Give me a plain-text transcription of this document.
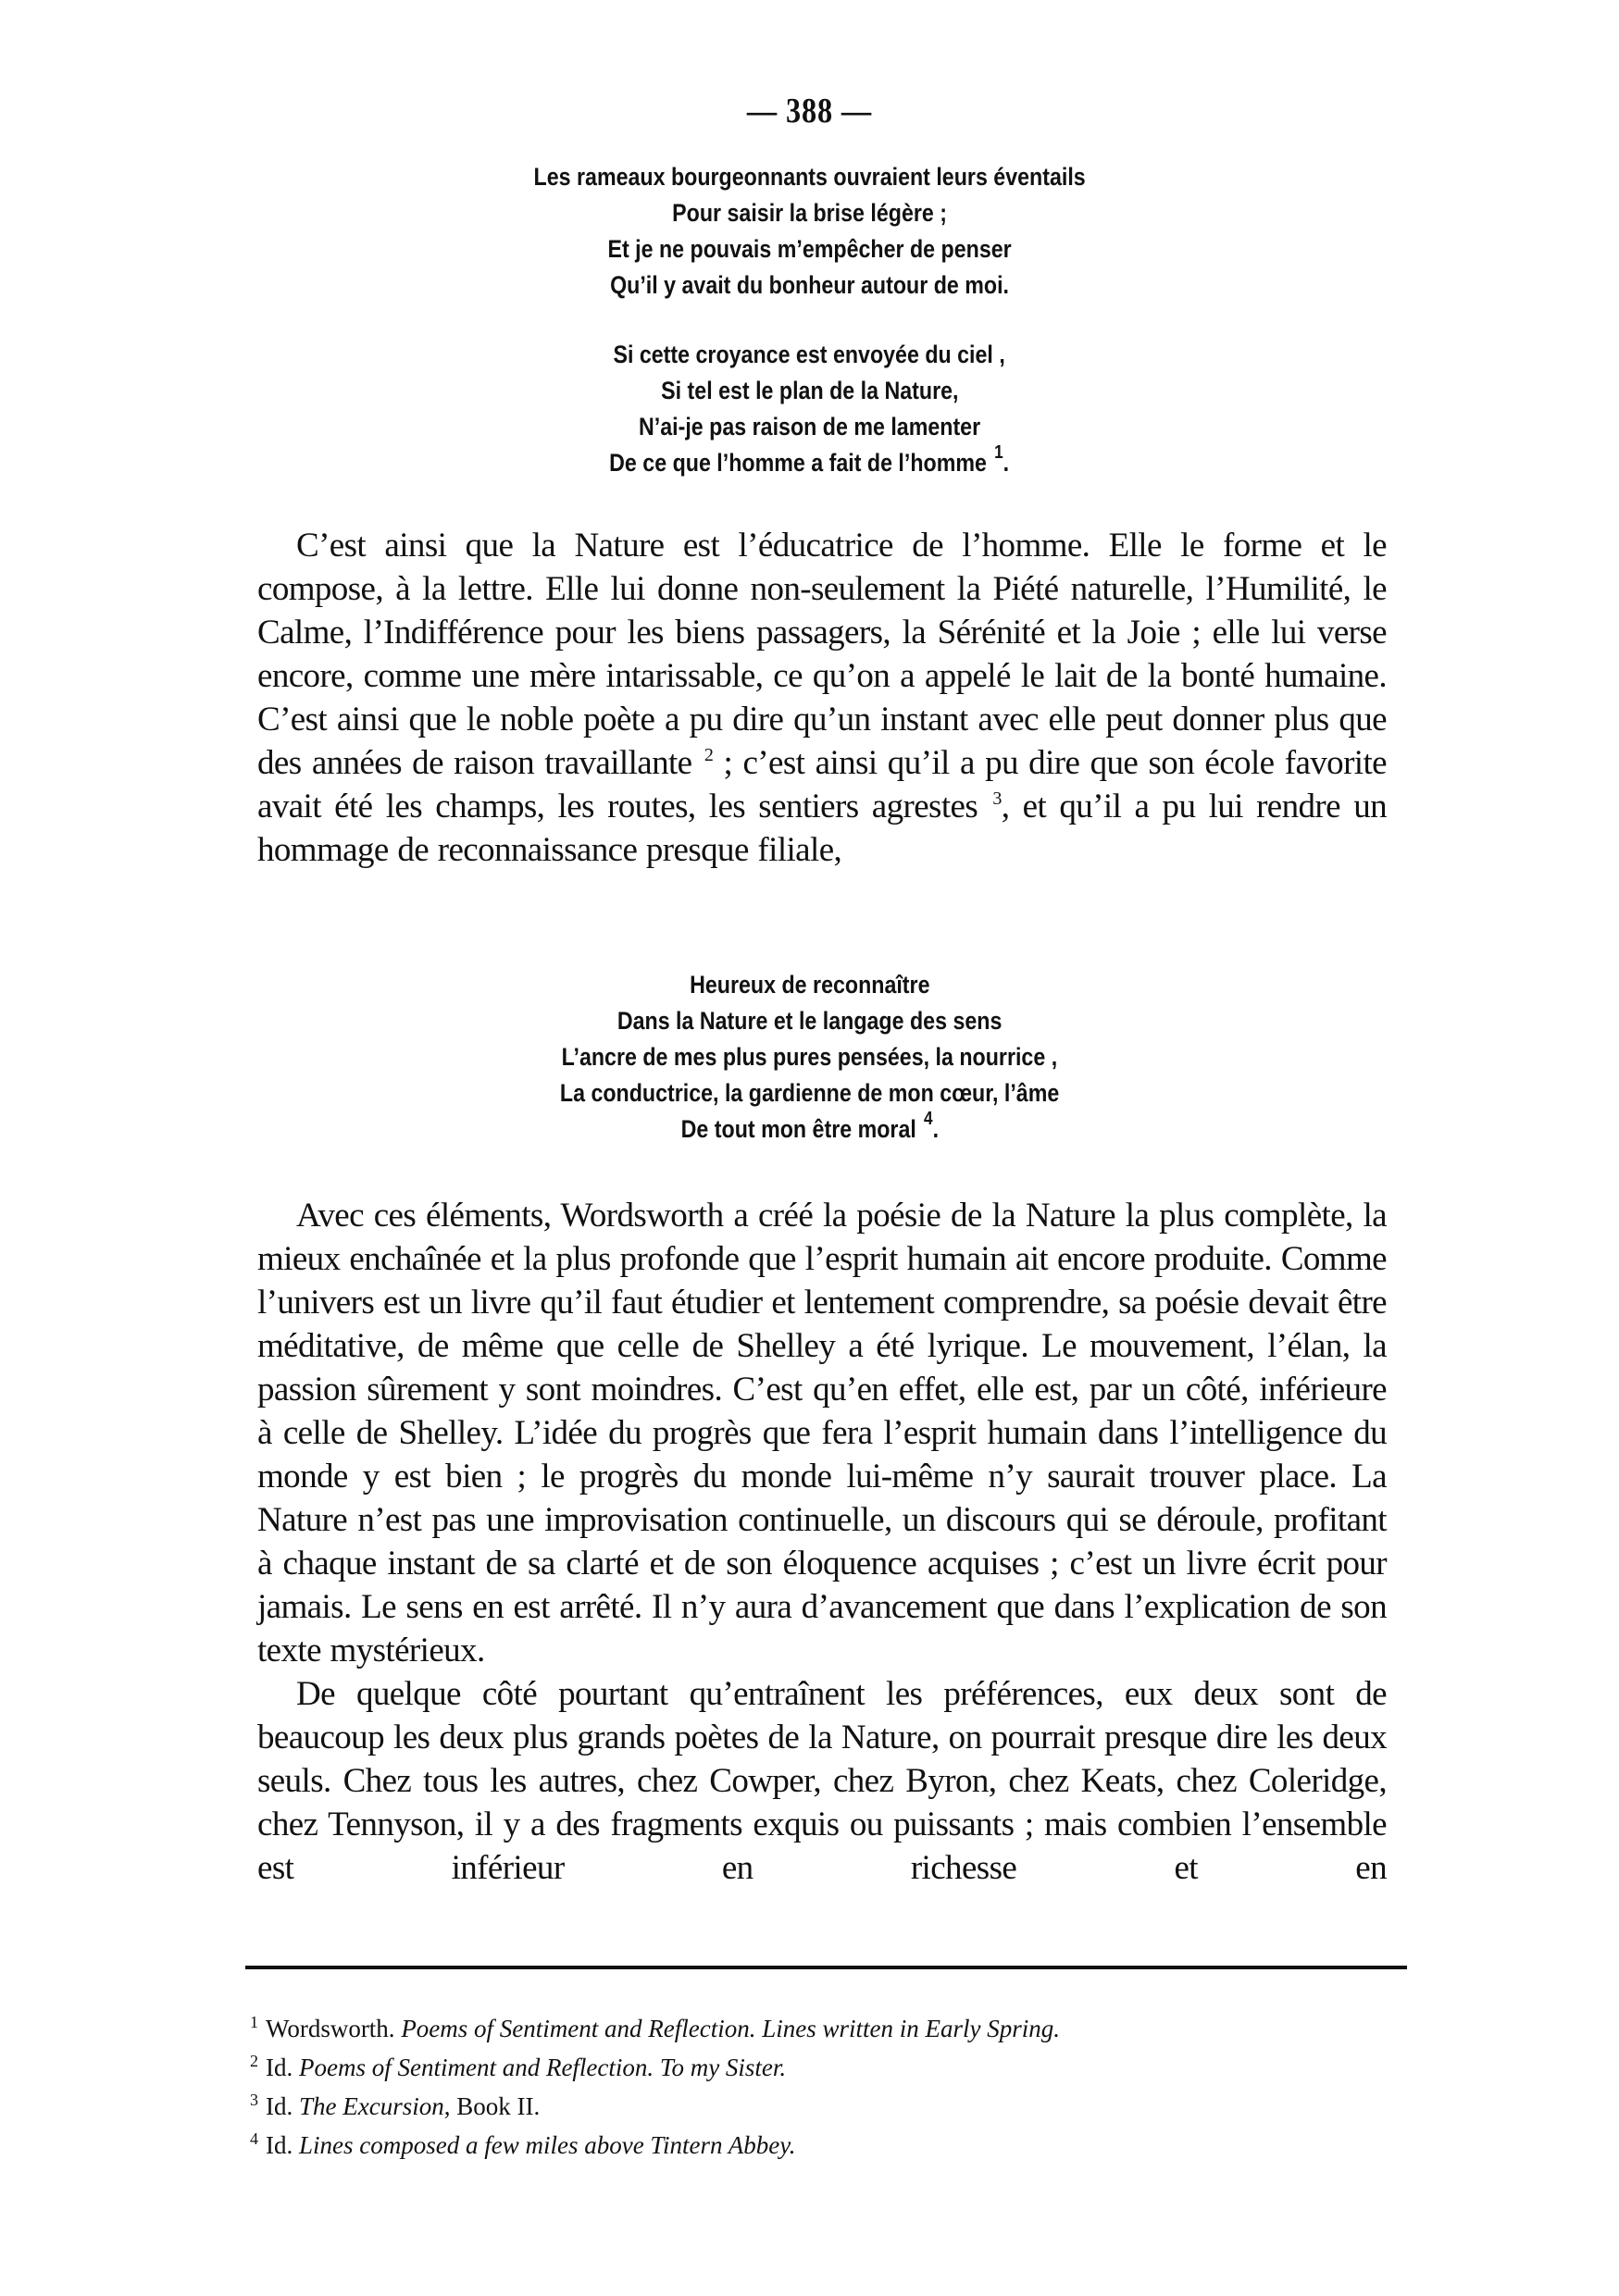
— 388 —
Les rameaux bourgeonnants ouvraient leurs éventails
Pour saisir la brise légère ;
Et je ne pouvais m’empêcher de penser
Qu’il y avait du bonheur autour de moi.
Si cette croyance est envoyée du ciel ,
Si tel est le plan de la Nature,
N’ai-je pas raison de me lamenter
De ce que l’homme a fait de l’homme $^1$.

C’est ainsi que la Nature est l’éducatrice de l’homme. Elle le forme et le compose, à la lettre. Elle lui donne non-seulement la Piété naturelle, l’Humilité, le Calme, l’Indifférence pour les biens passagers, la Sérénité et la Joie ; elle lui verse encore, comme une mère intarissable, ce qu’on a appelé le lait de la bonté humaine. C’est ainsi que le noble poète a pu dire qu’un instant avec elle peut donner plus que des années de raison travaillante $^2$ ; c’est ainsi qu’il a pu dire que son école favorite avait été les champs, les routes, les sentiers agrestes $^3$, et qu’il a pu lui rendre un hommage de reconnaissance presque filiale,

Heureux de reconnaître
Dans la Nature et le langage des sens
L’ancre de mes plus pures pensées, la nourrice ,
La conductrice, la gardienne de mon cœur, l’âme
De tout mon être moral $^4$.

Avec ces éléments, Wordsworth a créé la poésie de la Nature la plus complète, la mieux enchaînée et la plus profonde que l’esprit humain ait encore produite. Comme l’univers est un livre qu’il faut étudier et lentement comprendre, sa poésie devait être méditative, de même que celle de Shelley a été lyrique. Le mouvement, l’élan, la passion sûrement y sont moindres. C’est qu’en effet, elle est, par un côté, inférieure à celle de Shelley. L’idée du progrès que fera l’esprit humain dans l’intelligence du monde y est bien ; le progrès du monde lui-même n’y saurait trouver place. La Nature n’est pas une improvisation continuelle, un discours qui se déroule, profitant à chaque instant de sa clarté et de son éloquence acquises ; c’est un livre écrit pour jamais. Le sens en est arrêté. Il n’y aura d’avancement que dans l’explication de son texte mystérieux.

De quelque côté pourtant qu’entraînent les préférences, eux deux sont de beaucoup les deux plus grands poètes de la Nature, on pourrait presque dire les deux seuls. Chez tous les autres, chez Cowper, chez Byron, chez Keats, chez Coleridge, chez Tennyson, il y a des fragments exquis ou puissants ; mais combien l’ensemble est inférieur en richesse et en

$^1$ Wordsworth. Poems of Sentiment and Reflection. Lines written in Early Spring.
$^2$ Id. Poems of Sentiment and Reflection. To my Sister.
$^3$ Id. The Excursion, Book II.
$^4$ Id. Lines composed a few miles above Tintern Abbey.
